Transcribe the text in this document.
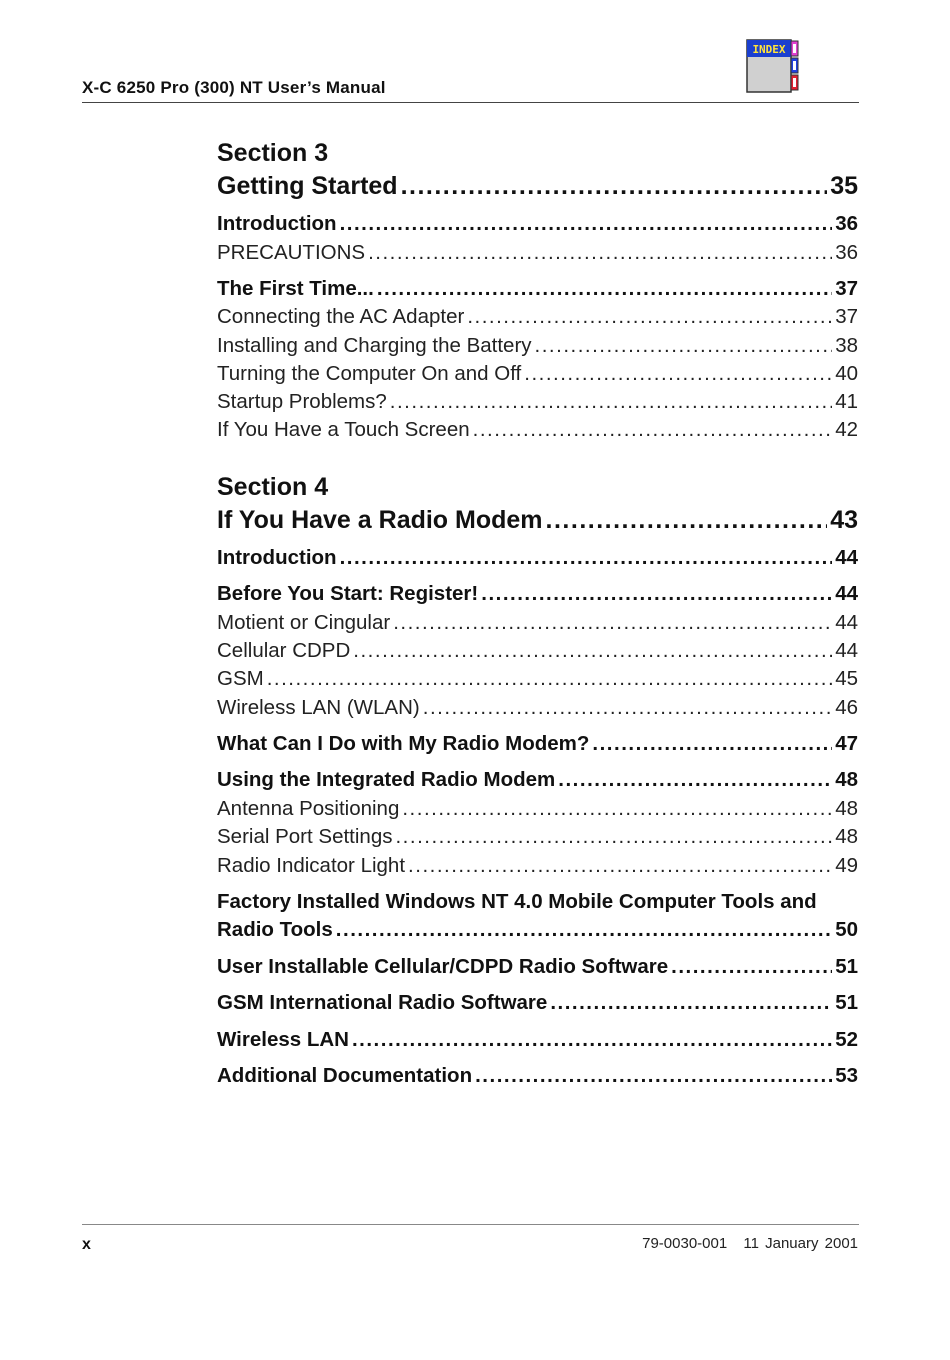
X-C 6250 Pro (300) NT User’s Manual
INDEX
Section 3
Getting Started .....	35
Introduction .....	36
PRECAUTIONS .....	36
The First Time... .....	37
Connecting the AC Adapter .....	37
Installing and Charging the Battery .....	38
Turning the Computer On and Off .....	40
Startup Problems? .....	41
If You Have a Touch Screen .....	42
Section 4
If You Have a Radio Modem .....	43
Introduction .....	44
Before You Start: Register! .....	44
Motient or Cingular .....	44
Cellular CDPD .....	44
GSM .....	45
Wireless LAN (WLAN) .....	46
What Can I Do with My Radio Modem? .....	47
Using the Integrated Radio Modem .....	48
Antenna Positioning .....	48
Serial Port Settings .....	48
Radio Indicator Light .....	49
Factory Installed Windows NT 4.0 Mobile Computer Tools and
Radio Tools .....	50
User Installable Cellular/CDPD Radio Software .....	51
GSM International Radio Software .....	51
Wireless LAN .....	52
Additional Documentation .....	53
x	79-0030-001 11 January 2001
